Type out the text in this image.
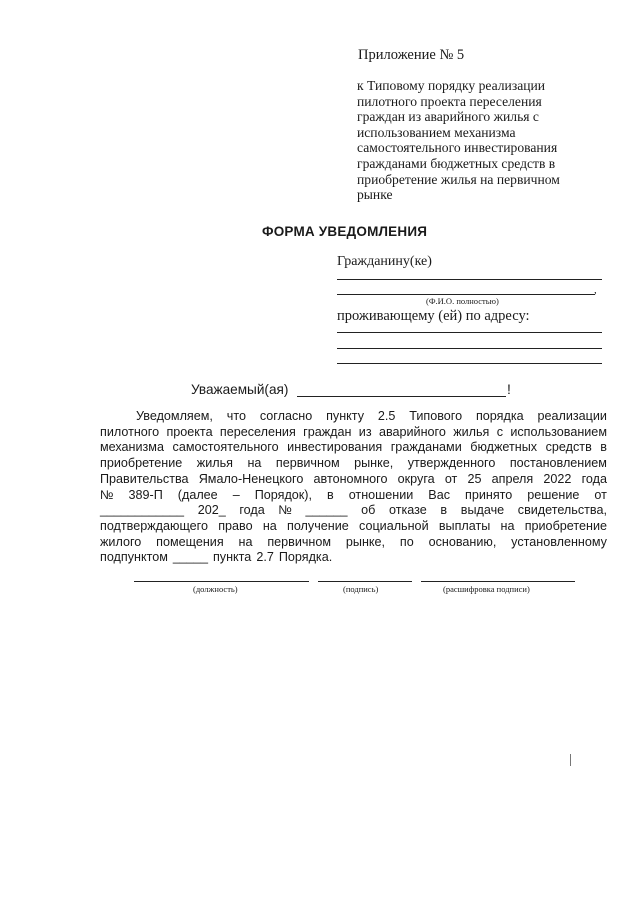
Приложение № 5
к Типовому порядку реализации
пилотного проекта переселения
граждан из аварийного жилья с
использованием механизма
самостоятельного инвестирования
гражданами бюджетных средств в
приобретение жилья на первичном
рынке
ФОРМА УВЕДОМЛЕНИЯ
Гражданину(ке)
,
(Ф.И.О. полностью)
проживающему (ей) по адресу:
Уважаемый(ая)	!
Уведомляем, что согласно пункту 2.5 Типового порядка реализации
пилотного проекта переселения граждан из аварийного жилья с использованием
механизма самостоятельного инвестирования гражданами бюджетных средств в
приобретение жилья на первичном рынке, утвержденного постановлением
Правительства Ямало-Ненецкого автономного округа от 25 апреля 2022 года
№ 389-П (далее – Порядок), в отношении Вас принято решение от
____________ 202_ года № ______ об отказе в выдаче свидетельства,
подтверждающего право на получение социальной выплаты на приобретение
жилого помещения на первичном рынке, по основанию, установленному
подпунктом _____ пункта 2.7 Порядка.
(должность)	(подпись)	(расшифровка подписи)
